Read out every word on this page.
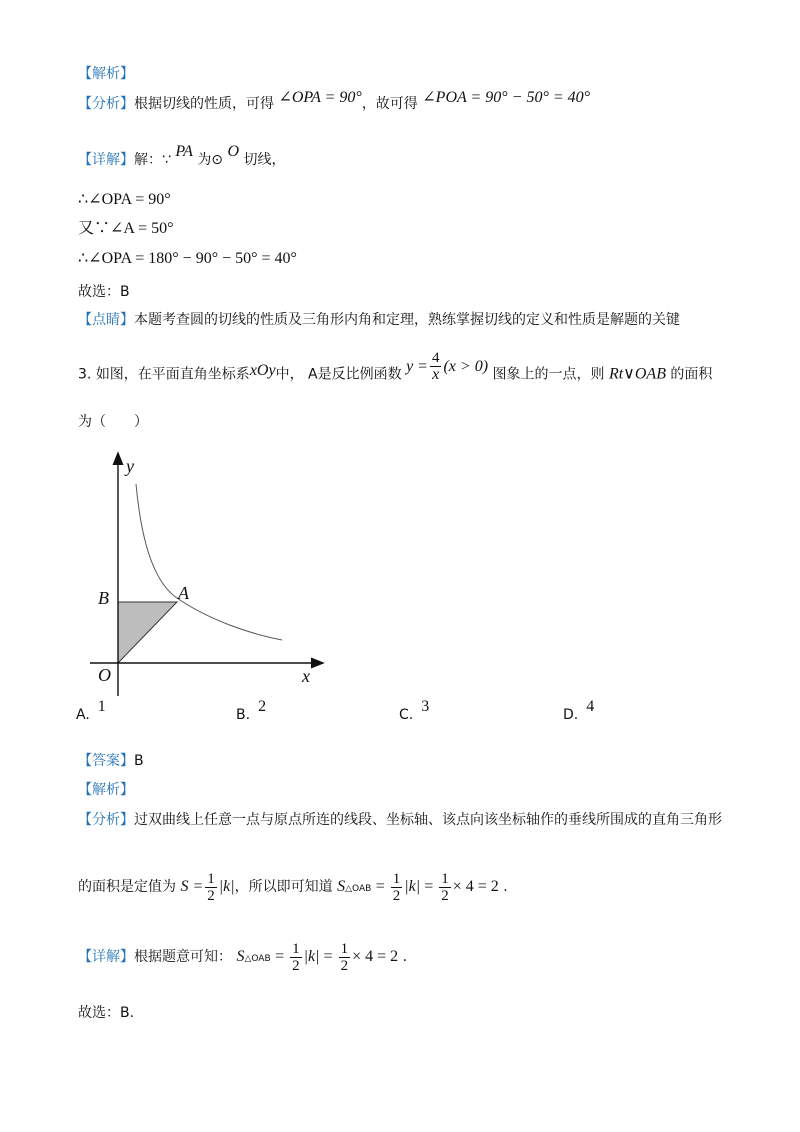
【解析】
【分析】根据切线的性质，可得 ∠OPA = 90°，故可得 ∠POA = 90° − 50° = 40°
【详解】解：∵ PA 为⊙ O 切线，
∴∠OPA = 90°
又∵∠A = 50°
∴∠OPA = 180° − 90° − 50° = 40°
故选：B
【点睛】本题考查圆的切线的性质及三角形内角和定理，熟练掌握切线的定义和性质是解题的关键
3. 如图，在平面直角坐标系xOy中， A是反比例函数 $y = \frac{4}{x} (x > 0)$ 图象上的一点，则 Rt∨OAB 的面积
为（　　）
y
x
O
A
B
A. 1	B. 2	C. 3	D. 4
【答案】B
【解析】
【分析】过双曲线上任意一点与原点所连的线段、坐标轴、该点向该坐标轴作的垂线所围成的直角三角形
的面积是定值为 $S = \frac{1}{2} |k|$，所以即可知道 S△OAB = $\frac{1}{2} |k| = \frac{1}{2} \times 4 = 2$ .
【详解】根据题意可知： S△OAB = $\frac{1}{2} |k| = \frac{1}{2} \times 4 = 2$ .
故选：B.
